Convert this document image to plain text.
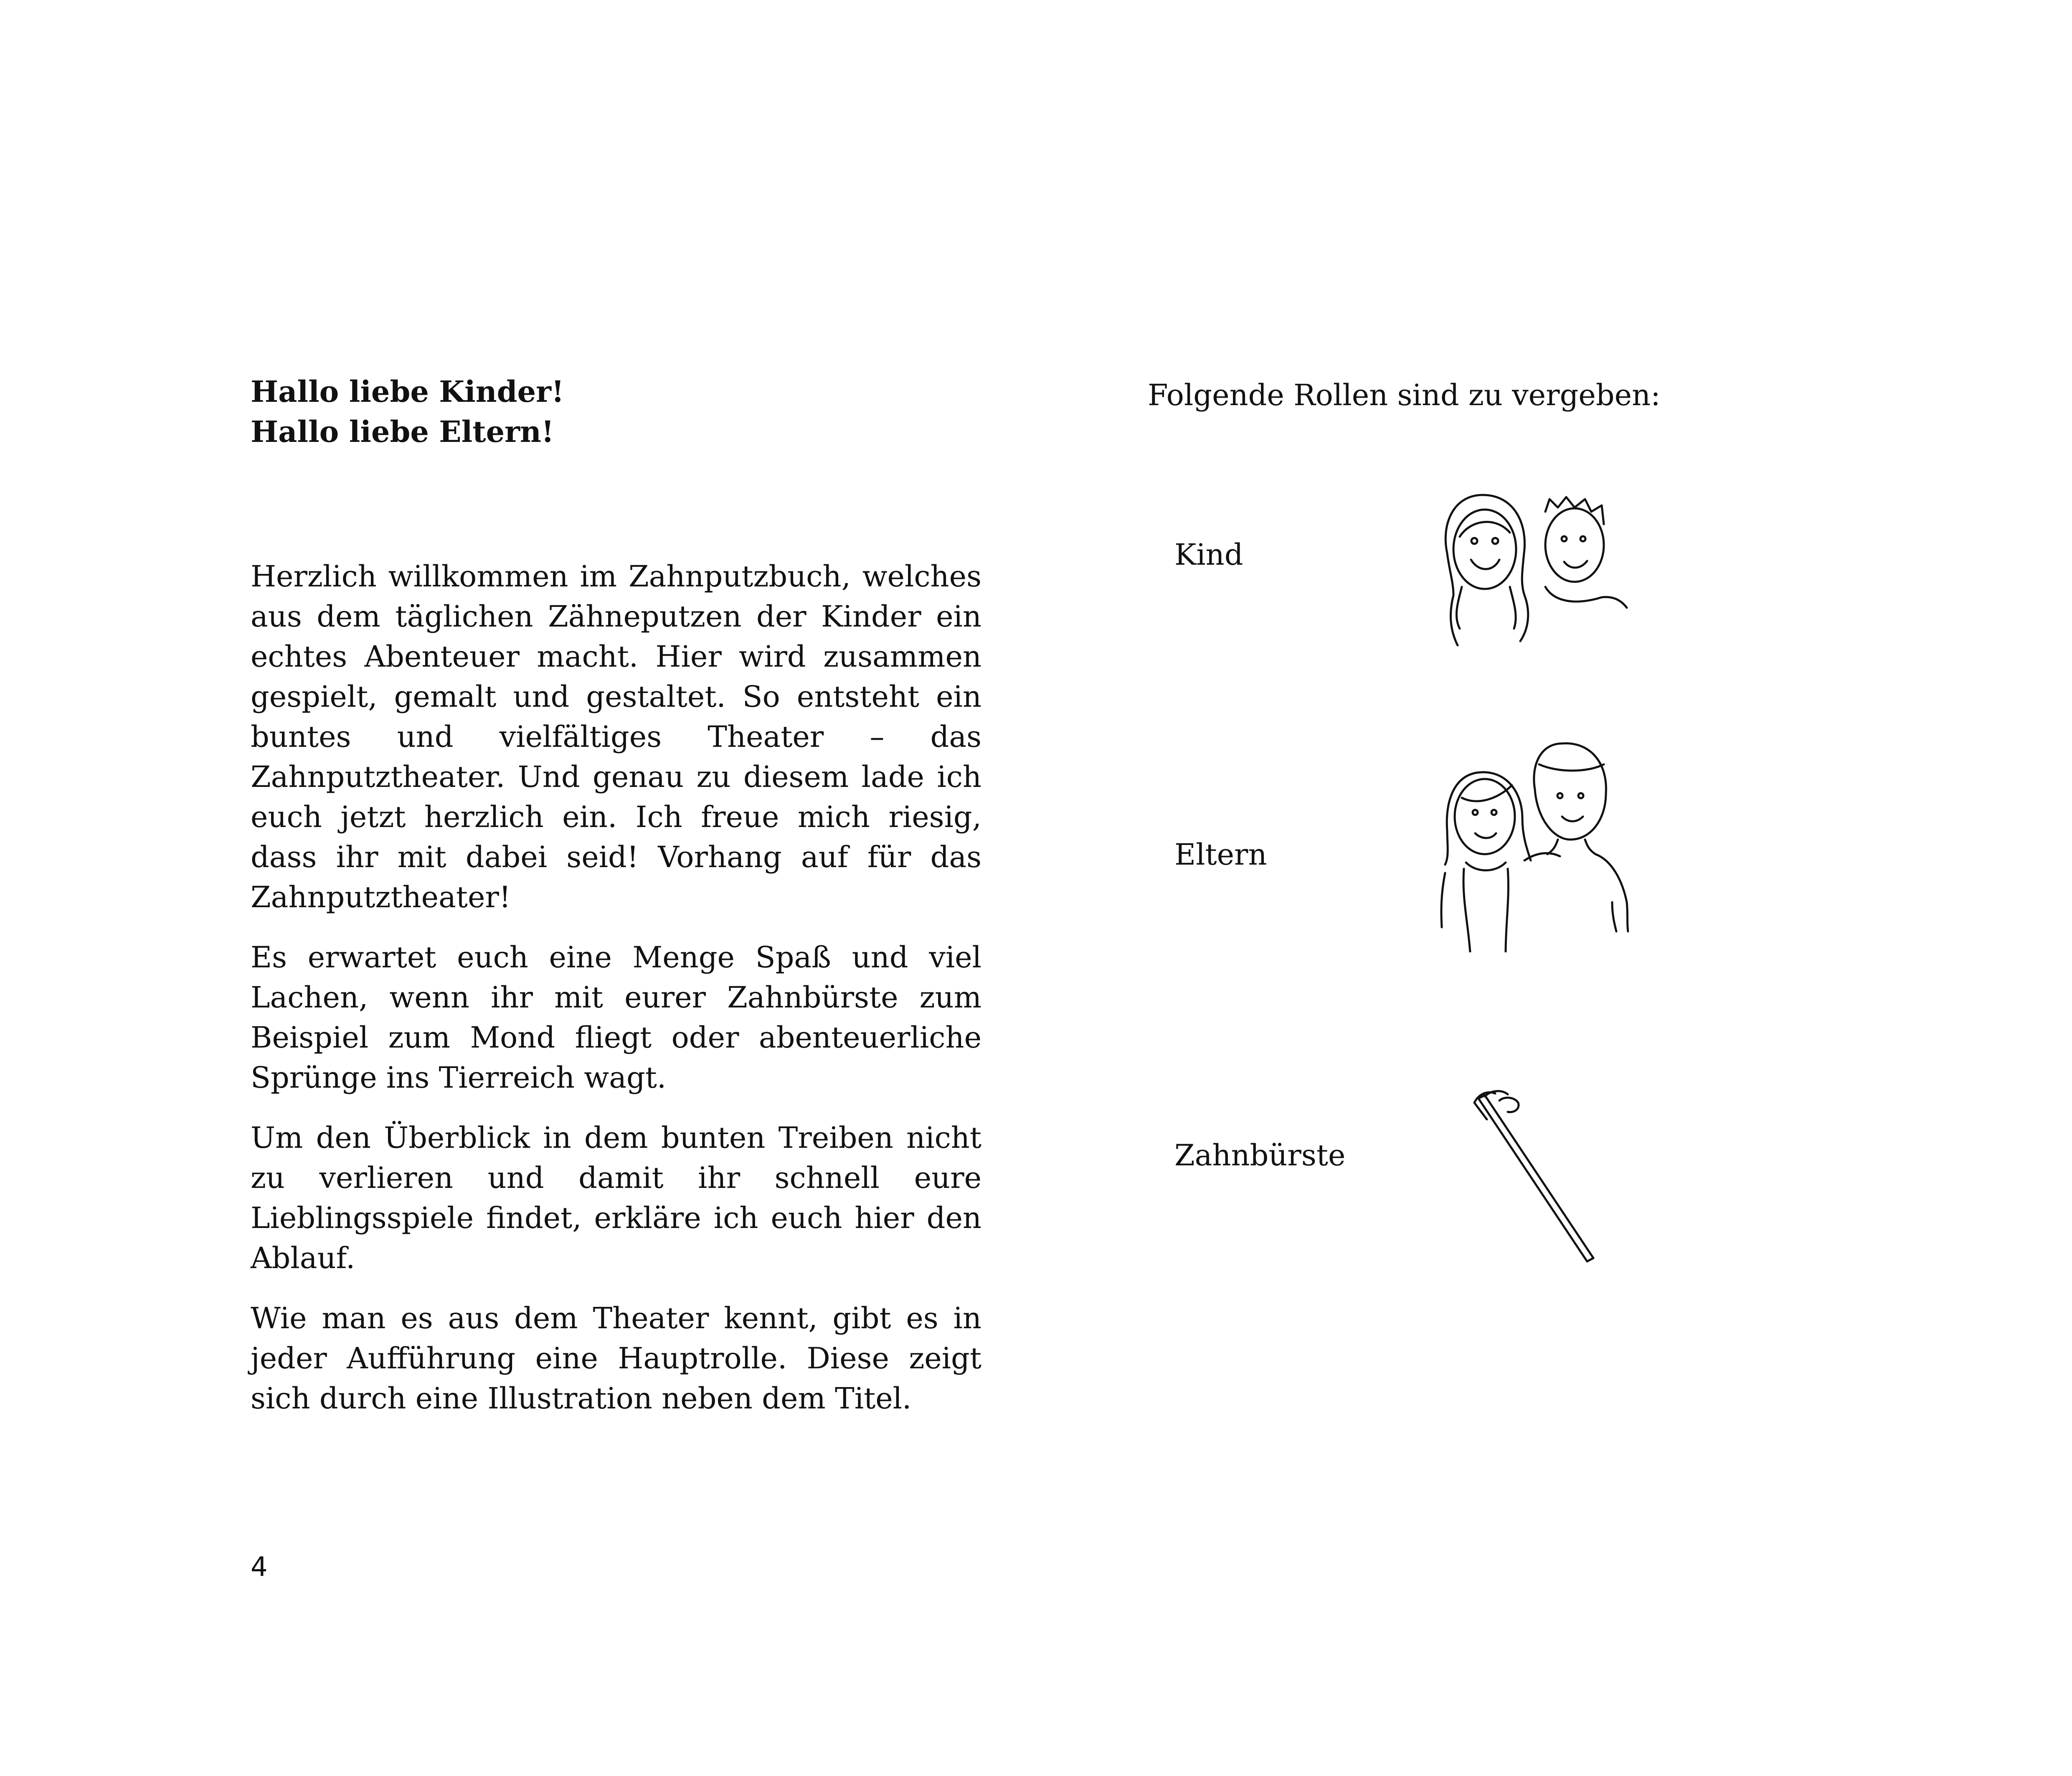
Hallo liebe Kinder!

Hallo liebe Eltern!

Herzlich willkommen im Zahnputzbuch, welches aus dem täglichen Zähneputzen der Kinder ein echtes Abenteuer macht. Hier wird zusammen gespielt, gemalt und gestaltet. So entsteht ein buntes und vielfältiges Theater – das Zahnputztheater. Und genau zu diesem lade ich euch jetzt herzlich ein. Ich freue mich riesig, dass ihr mit dabei seid! Vorhang auf für das Zahnputztheater!

Es erwartet euch eine Menge Spaß und viel Lachen, wenn ihr mit eurer Zahnbürste zum Beispiel zum Mond fliegt oder abenteuerliche Sprünge ins Tierreich wagt.

Um den Überblick in dem bunten Treiben nicht zu verlieren und damit ihr schnell eure Lieblingsspiele findet, erkläre ich euch hier den Ablauf.

Wie man es aus dem Theater kennt, gibt es in jeder Aufführung eine Hauptrolle. Diese zeigt sich durch eine Illustration neben dem Titel.

4

Folgende Rollen sind zu vergeben:

Kind
Eltern
Zahnbürste
